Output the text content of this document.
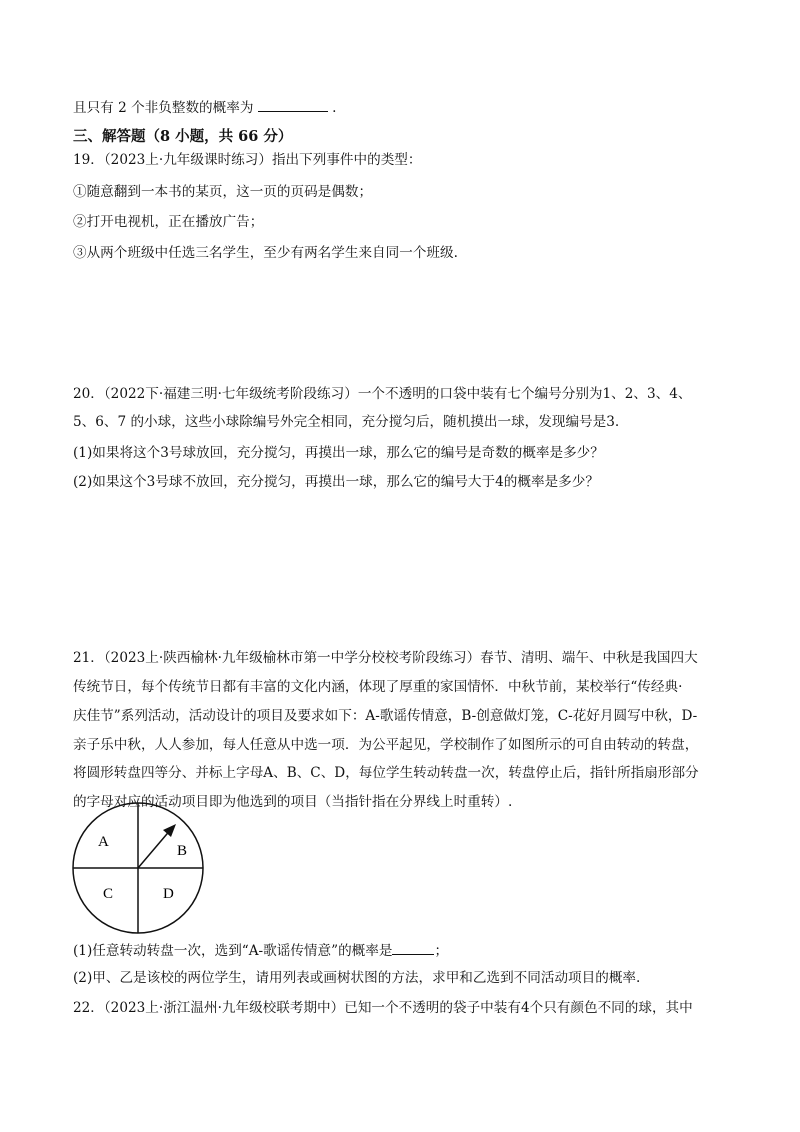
且只有 2 个非负整数的概率为	.
三、解答题（8 小题，共 66 分）
19．（2023上·九年级课时练习）指出下列事件中的类型：
①随意翻到一本书的某页，这一页的页码是偶数；
②打开电视机，正在播放广告；
③从两个班级中任选三名学生，至少有两名学生来自同一个班级.
20．（2022下·福建三明·七年级统考阶段练习）一个不透明的口袋中装有七个编号分别为1、2、3、4、
5、6、7 的小球，这些小球除编号外完全相同，充分搅匀后，随机摸出一球，发现编号是3.
(1)如果将这个3号球放回，充分搅匀，再摸出一球，那么它的编号是奇数的概率是多少？
(2)如果这个3号球不放回，充分搅匀，再摸出一球，那么它的编号大于4的概率是多少？
21．（2023上·陕西榆林·九年级榆林市第一中学分校校考阶段练习）春节、清明、端午、中秋是我国四大
传统节日，每个传统节日都有丰富的文化内涵，体现了厚重的家国情怀．中秋节前，某校举行“传经典·
庆佳节”系列活动，活动设计的项目及要求如下：A-歌谣传情意，B-创意做灯笼，C-花好月圆写中秋，D-
亲子乐中秋，人人参加，每人任意从中选一项．为公平起见，学校制作了如图所示的可自由转动的转盘，
将圆形转盘四等分、并标上字母A、B、C、D，每位学生转动转盘一次，转盘停止后，指针所指扇形部分
的字母对应的活动项目即为他选到的项目（当指针指在分界线上时重转）.
A
B
C	D
(1)任意转动转盘一次，选到“A-歌谣传情意”的概率是	；
(2)甲、乙是该校的两位学生，请用列表或画树状图的方法，求甲和乙选到不同活动项目的概率.
22．（2023上·浙江温州·九年级校联考期中）已知一个不透明的袋子中装有4个只有颜色不同的球，其中
